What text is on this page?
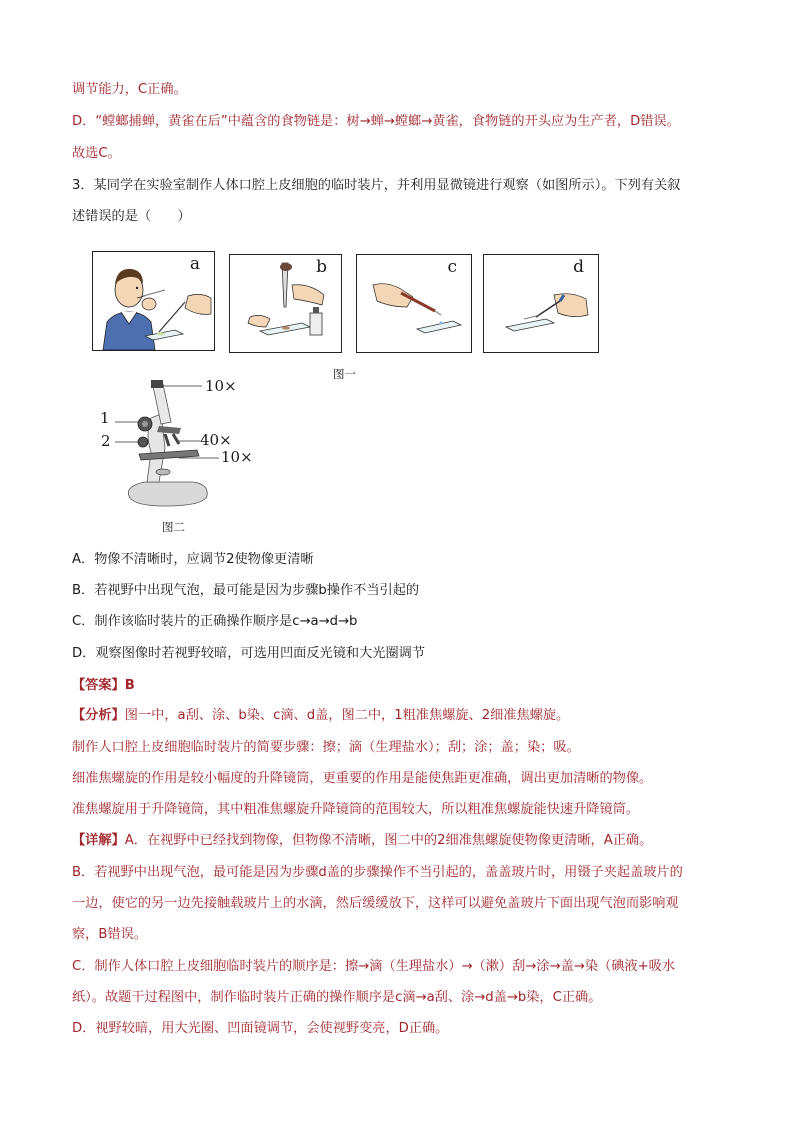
调节能力，C正确。
D．“螳螂捕蝉，黄雀在后”中蕴含的食物链是：树→蝉→螳螂→黄雀，食物链的开头应为生产者，D错误。
故选C。
3．某同学在实验室制作人体口腔上皮细胞的临时装片，并利用显微镜进行观察（如图所示）。下列有关叙
述错误的是（　　）
a	b	c	d
图一
10×
1
2	40×
10×
图二
A．物像不清晰时，应调节2使物像更清晰
B．若视野中出现气泡，最可能是因为步骤b操作不当引起的
C．制作该临时装片的正确操作顺序是c→a→d→b
D．观察图像时若视野较暗，可选用凹面反光镜和大光圈调节
【答案】B
【分析】图一中，a刮、涂、b染、c滴、d盖，图二中，1粗准焦螺旋、2细准焦螺旋。
制作人口腔上皮细胞临时装片的简要步骤：擦；滴（生理盐水）；刮；涂；盖；染；吸。
细准焦螺旋的作用是较小幅度的升降镜筒，更重要的作用是能使焦距更准确，调出更加清晰的物像。
准焦螺旋用于升降镜筒，其中粗准焦螺旋升降镜筒的范围较大，所以粗准焦螺旋能快速升降镜筒。
【详解】A．在视野中已经找到物像，但物像不清晰，图二中的2细准焦螺旋使物像更清晰，A正确。
B．若视野中出现气泡，最可能是因为步骤d盖的步骤操作不当引起的，盖盖玻片时，用镊子夹起盖玻片的
一边，使它的另一边先接触载玻片上的水滴，然后缓缓放下，这样可以避免盖玻片下面出现气泡而影响观
察，B错误。
C．制作人体口腔上皮细胞临时装片的顺序是：擦→滴（生理盐水）→（漱）刮→涂→盖→染（碘液+吸水
纸）。故题干过程图中，制作临时装片正确的操作顺序是c滴→a刮、涂→d盖→b染，C正确。
D．视野较暗，用大光圈、凹面镜调节，会使视野变亮，D正确。
